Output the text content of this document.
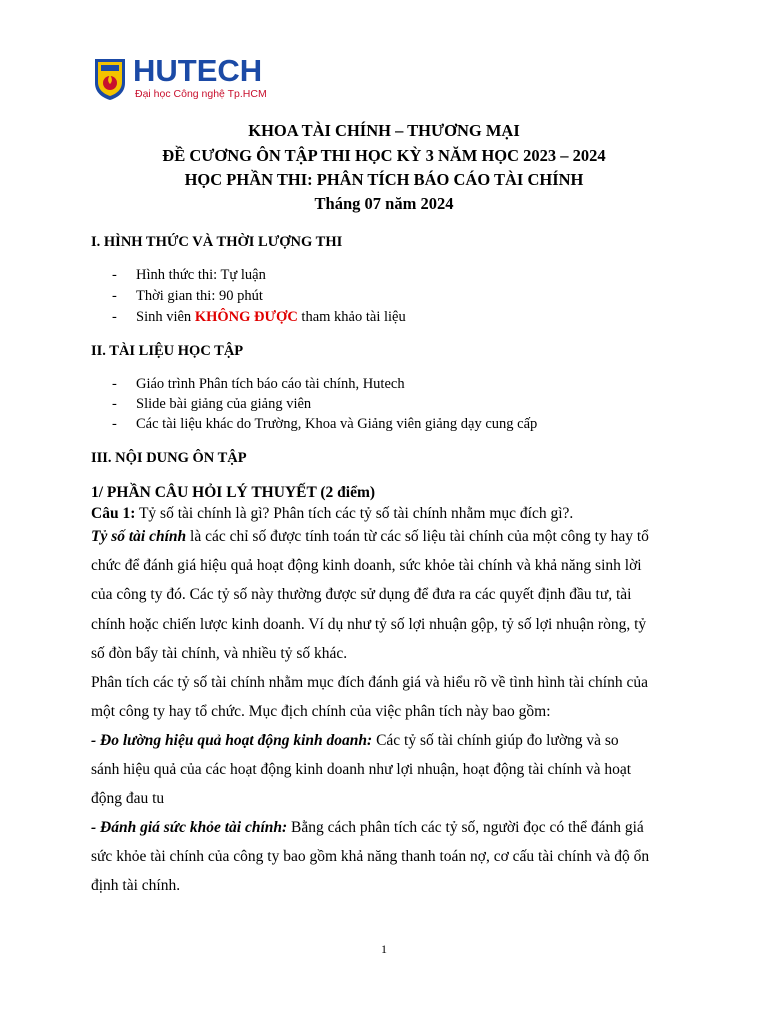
HUTECH
Đại học Công nghệ Tp.HCM
KHOA TÀI CHÍNH – THƯƠNG MẠI
ĐỀ CƯƠNG ÔN TẬP THI HỌC KỲ 3 NĂM HỌC 2023 – 2024
HỌC PHẦN THI: PHÂN TÍCH BÁO CÁO TÀI CHÍNH
Tháng 07 năm 2024
I. HÌNH THỨC VÀ THỜI LƯỢNG THI
- Hình thức thi: Tự luận
- Thời gian thi: 90 phút
- Sinh viên KHÔNG ĐƯỢC tham khảo tài liệu
II. TÀI LIỆU HỌC TẬP
- Giáo trình Phân tích báo cáo tài chính, Hutech
- Slide bài giảng của giảng viên
- Các tài liệu khác do Trường, Khoa và Giảng viên giảng dạy cung cấp
III. NỘI DUNG ÔN TẬP
1/ PHẦN CÂU HỎI LÝ THUYẾT (2 điểm)
Câu 1: Tỷ số tài chính là gì? Phân tích các tỷ số tài chính nhằm mục đích gì?.
Tỷ số tài chính là các chỉ số được tính toán từ các số liệu tài chính của một công ty hay tổ
chức để đánh giá hiệu quả hoạt động kinh doanh, sức khỏe tài chính và khả năng sinh lời
của công ty đó. Các tỷ số này thường được sử dụng để đưa ra các quyết định đầu tư, tài
chính hoặc chiến lược kinh doanh. Ví dụ như tỷ số lợi nhuận gộp, tỷ số lợi nhuận ròng, tỷ
số đòn bẩy tài chính, và nhiều tỷ số khác.
Phân tích các tỷ số tài chính nhằm mục đích đánh giá và hiểu rõ về tình hình tài chính của
một công ty hay tổ chức. Mục địch chính của việc phân tích này bao gồm:
- Đo lường hiệu quả hoạt động kinh doanh: Các tỷ số tài chính giúp đo lường và so
sánh hiệu quả của các hoạt động kinh doanh như lợi nhuận, hoạt động tài chính và hoạt
động đau tu
- Đánh giá sức khỏe tài chính: Bằng cách phân tích các tỷ số, người đọc có thể đánh giá
sức khỏe tài chính của công ty bao gồm khả năng thanh toán nợ, cơ cấu tài chính và độ ổn
định tài chính.
1
